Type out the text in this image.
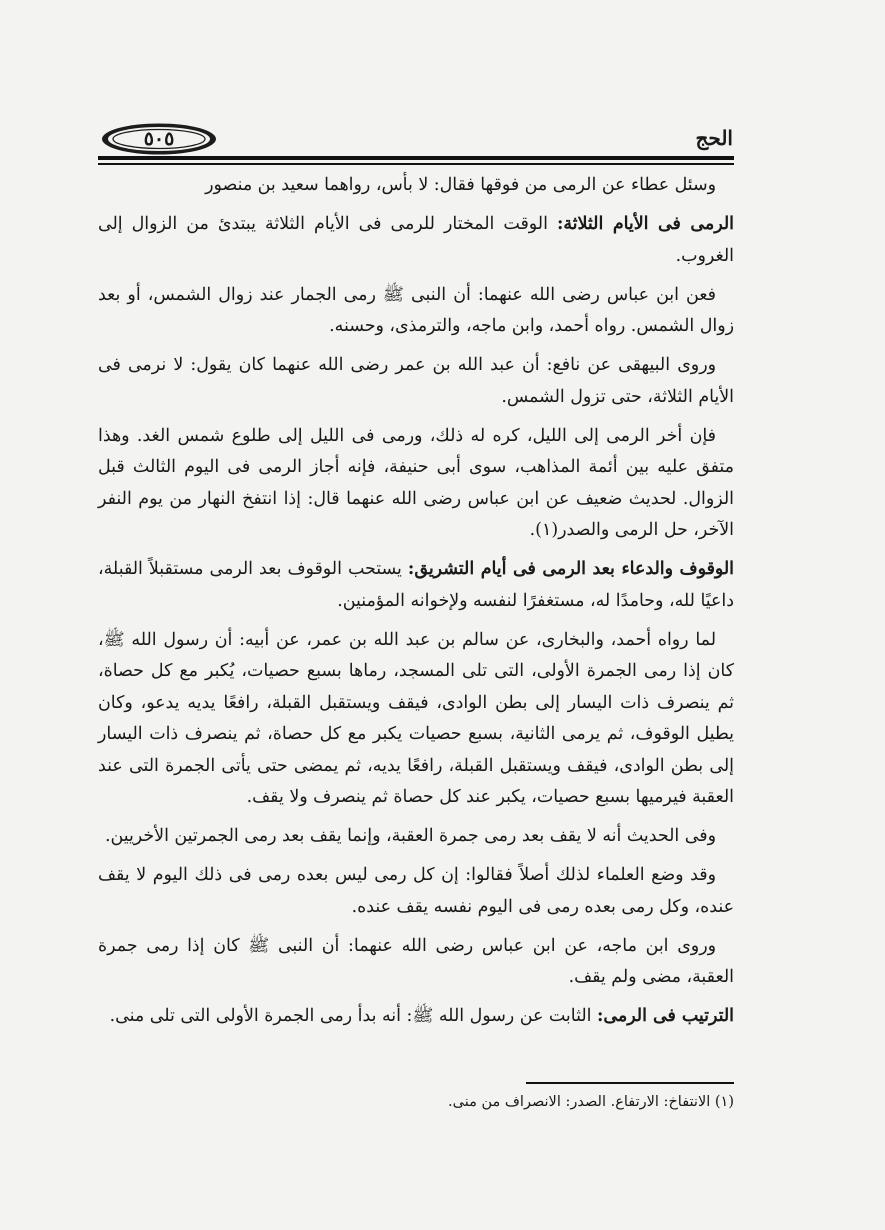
٥٠٥	الحج

وسئل عطاء عن الرمى من فوقها فقال: لا بأس، رواهما سعيد بن منصور

الرمى فى الأيام الثلاثة: الوقت المختار للرمى فى الأيام الثلاثة يبتدئ من الزوال إلى الغروب.

فعن ابن عباس رضى الله عنهما: أن النبى ﷺ رمى الجمار عند زوال الشمس، أو بعد زوال الشمس. رواه أحمد، وابن ماجه، والترمذى، وحسنه.

وروى البيهقى عن نافع: أن عبد الله بن عمر رضى الله عنهما كان يقول: لا نرمى فى الأيام الثلاثة، حتى تزول الشمس.

فإن أخر الرمى إلى الليل، كره له ذلك، ورمى فى الليل إلى طلوع شمس الغد. وهذا متفق عليه بين أئمة المذاهب، سوى أبى حنيفة، فإنه أجاز الرمى فى اليوم الثالث قبل الزوال. لحديث ضعيف عن ابن عباس رضى الله عنهما قال: إذا انتفخ النهار من يوم النفر الآخر، حل الرمى والصدر(١).

الوقوف والدعاء بعد الرمى فى أيام التشريق: يستحب الوقوف بعد الرمى مستقبلاً القبلة، داعيًا لله، وحامدًا له، مستغفرًا لنفسه ولإخوانه المؤمنين.

لما رواه أحمد، والبخارى، عن سالم بن عبد الله بن عمر، عن أبيه: أن رسول الله ﷺ، كان إذا رمى الجمرة الأولى، التى تلى المسجد، رماها بسبع حصيات، يُكبر مع كل حصاة، ثم ينصرف ذات اليسار إلى بطن الوادى، فيقف ويستقبل القبلة، رافعًا يديه يدعو، وكان يطيل الوقوف، ثم يرمى الثانية، بسبع حصيات يكبر مع كل حصاة، ثم ينصرف ذات اليسار إلى بطن الوادى، فيقف ويستقبل القبلة، رافعًا يديه، ثم يمضى حتى يأتى الجمرة التى عند العقبة فيرميها بسبع حصيات، يكبر عند كل حصاة ثم ينصرف ولا يقف.

وفى الحديث أنه لا يقف بعد رمى جمرة العقبة، وإنما يقف بعد رمى الجمرتين الأخريين.

وقد وضع العلماء لذلك أصلاً فقالوا: إن كل رمى ليس بعده رمى فى ذلك اليوم لا يقف عنده، وكل رمى بعده رمى فى اليوم نفسه يقف عنده.

وروى ابن ماجه، عن ابن عباس رضى الله عنهما: أن النبى ﷺ كان إذا رمى جمرة العقبة، مضى ولم يقف.

الترتيب فى الرمى: الثابت عن رسول الله ﷺ: أنه بدأ رمى الجمرة الأولى التى تلى منى.

(١) الانتفاخ: الارتفاع. الصدر: الانصراف من منى.
